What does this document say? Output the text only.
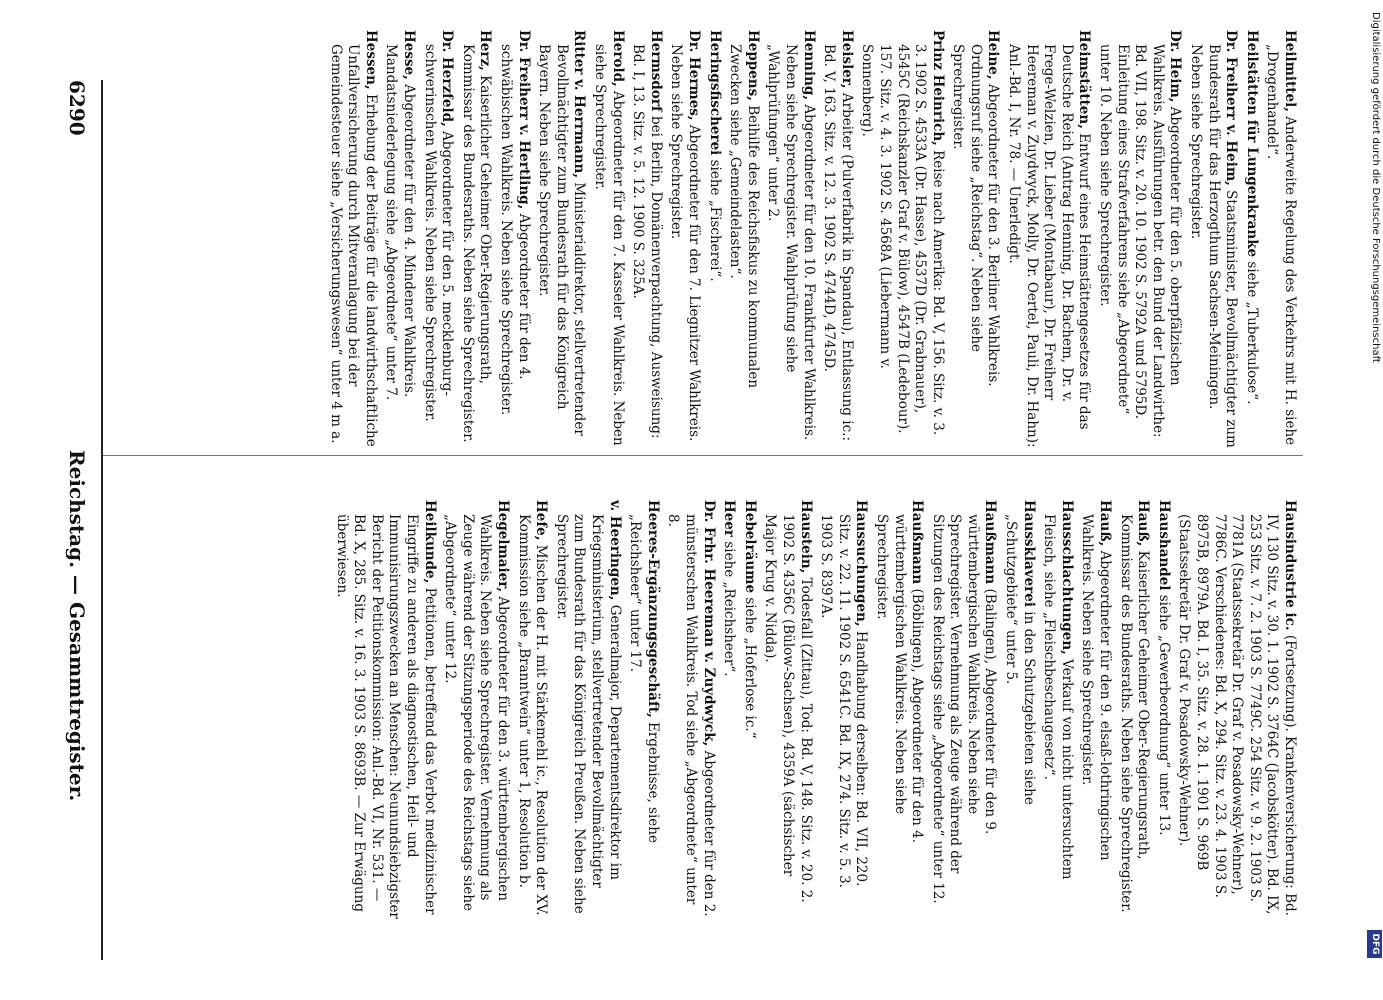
6290
Reichstag. — Gesammtregister.	Hausindustrie ic. (Fortsetzung). Krankenversicherung: Bd. IV, 130 Sitz. v. 30. 1. 1902 S. 3764C (Jacobskötter). Bd. IX, 253 Sitz. v. 7. 2. 1903 S. 7749C. 254 Sitz. v. 9. 2. 1903 S. 7781A (Staatssekretär Dr. Graf v. Posadowsky-Wehner), 7786C. Verschiedenes: Bd. X, 294. Sitz. v. 23. 4. 1903 S. 8975B, 8979A. Bd. I, 35. Sitz. v. 28. 1. 1901 S. 969B (Staatssekretär Dr. Graf v. Posadowsky-Wehner).
Haushandel siehe „Gewerbeordnung“ unter 13.
Hauß, Kaiserlicher Geheimer Ober-Regierungsrath, Kommissar des Bundesraths. Neben siehe Sprechregister.
Hauß, Abgeordneter für den 9. elsaß-lothringischen Wahlkreis. Neben siehe Sprechregister.
Hausschlachtungen, Verkauf von nicht untersuchtem Fleisch, siehe „Fleischbeschaugesetz“.
Haussklaverei in den Schutzgebieten siehe „Schutzgebiete“ unter 5.
Haußmann (Balingen), Abgeordneter für den 9. württembergischen Wahlkreis. Neben siehe Sprechregister. Vernehmung als Zeuge während der Sitzungen des Reichstags siehe „Abgeordnete“ unter 12.
Haußmann (Böblingen), Abgeordneter für den 4. württembergischen Wahlkreis. Neben siehe Sprechregister.
Haussuchungen, Handhabung derselben: Bd. VII, 220. Sitz. v. 22. 11. 1902 S. 6541C. Bd. IX, 274. Sitz. v. 5. 3. 1903 S. 8397A.
Haustein, Todesfall (Zittau), Tod: Bd. V, 148. Sitz. v. 20. 2. 1902 S. 4356C (Bülow-Sachsen), 4359A (sächsischer Major Krug v. Nidda).
Hebelräume siehe „Hoferlose ic.“
Heer siehe „Reichsheer“.
Dr. Frhr. Heereman v. Zuydwyck, Abgeordneter für den 2. münsterschen Wahlkreis. Tod siehe „Abgeordnete“ unter 8.
Heeres-Ergänzungsgeschäft, Ergebnisse, siehe „Reichsheer“ unter 17.
v. Heeringen, Generalmajor, Departementsdirektor im Kriegsministerium, stellvertretender Bevollmächtigter zum Bundesrath für das Königreich Preußen. Neben siehe Sprechregister.
Hefe, Mischen der H. mit Stärkemehl ic., Resolution der XV. Kommission siehe „Branntwein“ unter 1, Resolution b.
Hegelmaier, Abgeordneter für den 3. württembergischen Wahlkreis. Neben siehe Sprechregister. Vernehmung als Zeuge während der Sitzungsperiode des Reichstags siehe „Abgeordnete“ unter 12.
Heilkunde, Petitionen, betreffend das Verbot medizinischer Eingriffe zu anderen als diagnostischen, Heil- und Immunisirungszwecken an Menschen: Neunundsiebzigster Bericht der Petitionskommission: Anl.-Bd. VI, Nr. 531. — Bd. X, 285. Sitz. v. 16. 3. 1903 S. 8693B. — Zur Erwägung überwiesen.
Heilmittel, Anderweite Regelung des Verkehrs mit H. siehe „Drogenhandel“.
Heilstätten für Lungenkranke siehe „Tuberkulose“.
Dr. Freiherr v. Heim, Staatsminister, Bevollmächtigter zum Bundesrath für das Herzogthum Sachsen-Meiningen. Neben siehe Sprechregister.
Dr. Heim, Abgeordneter für den 5. oberpfälzischen Wahlkreis. Ausführungen betr. den Bund der Landwirthe: Bd. VII, 198. Sitz. v. 20. 10. 1902 S. 5792A und 5795D. Einleitung eines Strafverfahrens siehe „Abgeordnete“ unter 10. Neben siehe Sprechregister.
Heimstätten, Entwurf eines Heimstättengesetzes für das Deutsche Reich (Antrag Henning, Dr. Bachem, Dr. v. Frege-Welzien, Dr. Lieber (Montabaur), Dr. Freiherr Heereman v. Zuydwyck, Molly, Dr. Oertel, Pauli, Dr. Hahn): Anl.-Bd. I, Nr. 78. — Unerledigt.
Heine, Abgeordneter für den 3. Berliner Wahlkreis. Ordnungsruf siehe „Reichstag“. Neben siehe Sprechregister.
Prinz Heinrich, Reise nach Amerika: Bd. V, 156. Sitz. v. 3. 3. 1902 S. 4533A (Dr. Hasse), 4537D (Dr. Grabnauer), 4545C (Reichskanzler Graf v. Bülow), 4547B (Ledebour). 157. Sitz. v. 4. 3. 1902 S. 4568A (Liebermann v. Sonnenberg).
Heisler, Arbeiter (Pulverfabrik in Spandau), Entlassung ic.: Bd. V, 163. Sitz. v. 12. 3. 1902 S. 4744D, 4745D.
Henning, Abgeordneter für den 10. Frankfurter Wahlkreis. Neben siehe Sprechregister. Wahlprüfung siehe „Wahlprüfungen“ unter 2.
Heppens, Beihilfe des Reichsfiskus zu kommunalen Zwecken siehe „Gemeindelasten“.
Heringsfischerei siehe „Fischerei“.
Dr. Hermes, Abgeordneter für den 7. Liegnitzer Wahlkreis. Neben siehe Sprechregister.
Hermsdorf bei Berlin, Domänenverpachtung, Ausweisung: Bd. I, 13. Sitz. v. 5. 12. 1900 S. 325A.
Herold, Abgeordneter für den 7. Kasseler Wahlkreis. Neben siehe Sprechregister.
Ritter v. Herrmann, Ministerialdirektor, stellvertretender Bevollmächtigter zum Bundesrath für das Königreich Bayern. Neben siehe Sprechregister.
Dr. Freiherr v. Hertling, Abgeordneter für den 4. schwäbischen Wahlkreis. Neben siehe Sprechregister.
Herz, Kaiserlicher Geheimer Ober-Regierungsrath, Kommissar des Bundesraths. Neben siehe Sprechregister.
Dr. Herzfeld, Abgeordneter für den 5. mecklenburg-schwerinschen Wahlkreis. Neben siehe Sprechregister.
Hesse, Abgeordneter für den 4. Mindener Wahlkreis. Mandatsniederlegung siehe „Abgeordnete“ unter 7.
Hessen, Erhebung der Beiträge für die landwirthschaftliche Unfallversicherung durch Mitveranlagung bei der Gemeindesteuer siehe „Versicherungswesen“ unter 4 m a.	Digitalisierung gefördert durch die Deutsche Forschungsgemeinschaft
DFG
